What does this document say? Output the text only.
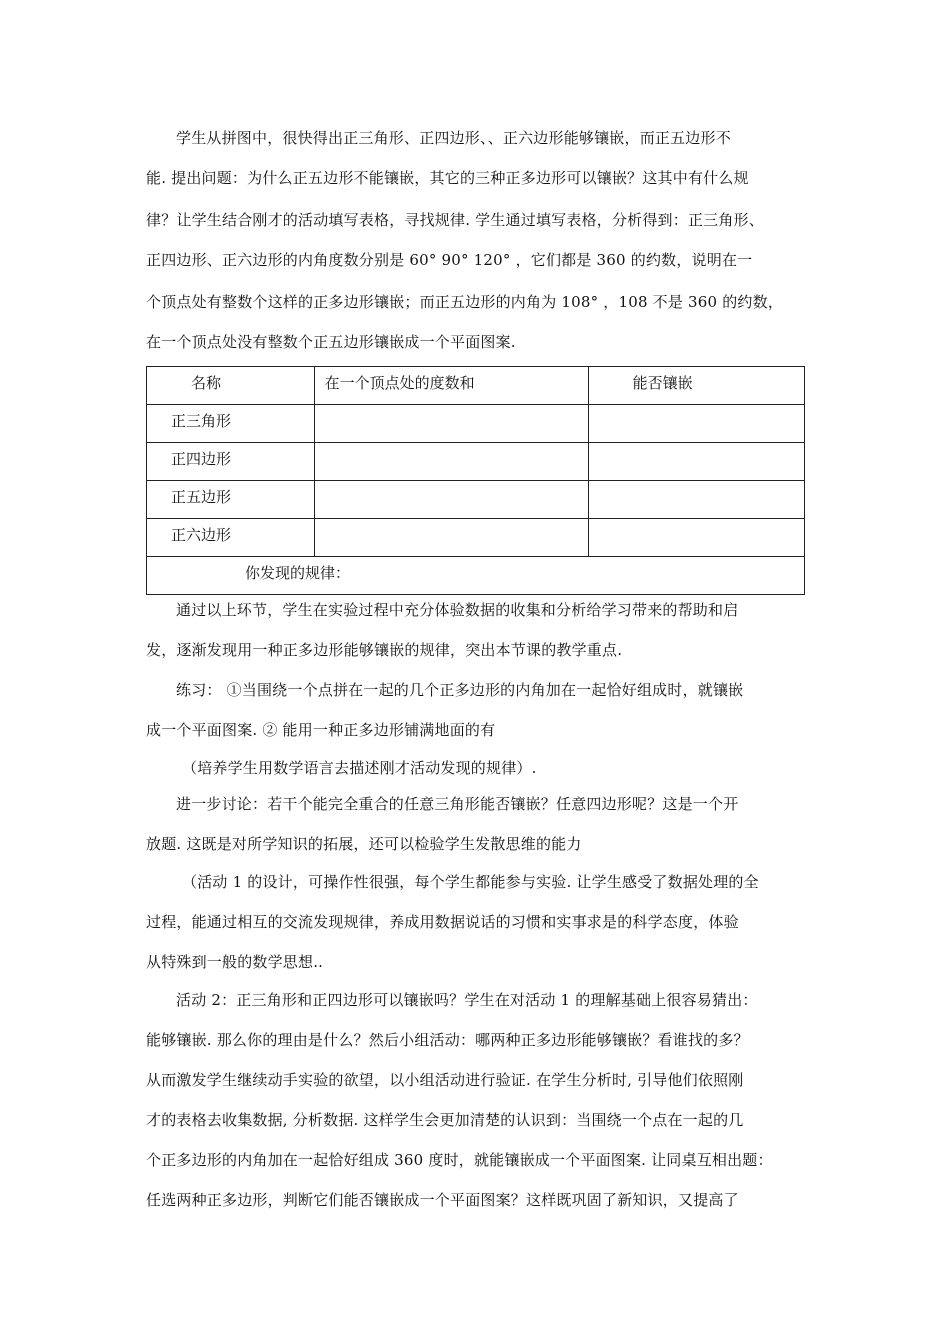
学生从拼图中，很快得出正三角形、正四边形、、正六边形能够镶嵌，而正五边形不
能. 提出问题：为什么正五边形不能镶嵌，其它的三种正多边形可以镶嵌？这其中有什么规
律？让学生结合刚才的活动填写表格，寻找规律. 学生通过填写表格，分析得到：正三角形、
正四边形、正六边形的内角度数分别是 60° 90° 120° ，它们都是 360 的约数，说明在一
个顶点处有整数个这样的正多边形镶嵌；而正五边形的内角为 108° ，108 不是 360 的约数，
在一个顶点处没有整数个正五边形镶嵌成一个平面图案.
名称	在一个顶点处的度数和	能否镶嵌

正三角形		

正四边形		

正五边形		

正六边形		

你发现的规律：		
通过以上环节，学生在实验过程中充分体验数据的收集和分析给学习带来的帮助和启
发，逐渐发现用一种正多边形能够镶嵌的规律，突出本节课的教学重点.
练习： ①当围绕一个点拼在一起的几个正多边形的内角加在一起恰好组成时，就镶嵌
成一个平面图案. ② 能用一种正多边形铺满地面的有
（培养学生用数学语言去描述刚才活动发现的规律）.
进一步讨论：若干个能完全重合的任意三角形能否镶嵌？任意四边形呢？这是一个开
放题. 这既是对所学知识的拓展，还可以检验学生发散思维的能力
（活动 1 的设计，可操作性很强，每个学生都能参与实验. 让学生感受了数据处理的全
过程，能通过相互的交流发现规律，养成用数据说话的习惯和实事求是的科学态度，体验
从特殊到一般的数学思想..
活动 2：正三角形和正四边形可以镶嵌吗？学生在对活动 1 的理解基础上很容易猜出：
能够镶嵌. 那么你的理由是什么？然后小组活动：哪两种正多边形能够镶嵌？看谁找的多？
从而激发学生继续动手实验的欲望，以小组活动进行验证. 在学生分析时, 引导他们依照刚
才的表格去收集数据, 分析数据. 这样学生会更加清楚的认识到：当围绕一个点在一起的几
个正多边形的内角加在一起恰好组成 360 度时，就能镶嵌成一个平面图案. 让同桌互相出题：
任选两种正多边形，判断它们能否镶嵌成一个平面图案？这样既巩固了新知识，又提高了
